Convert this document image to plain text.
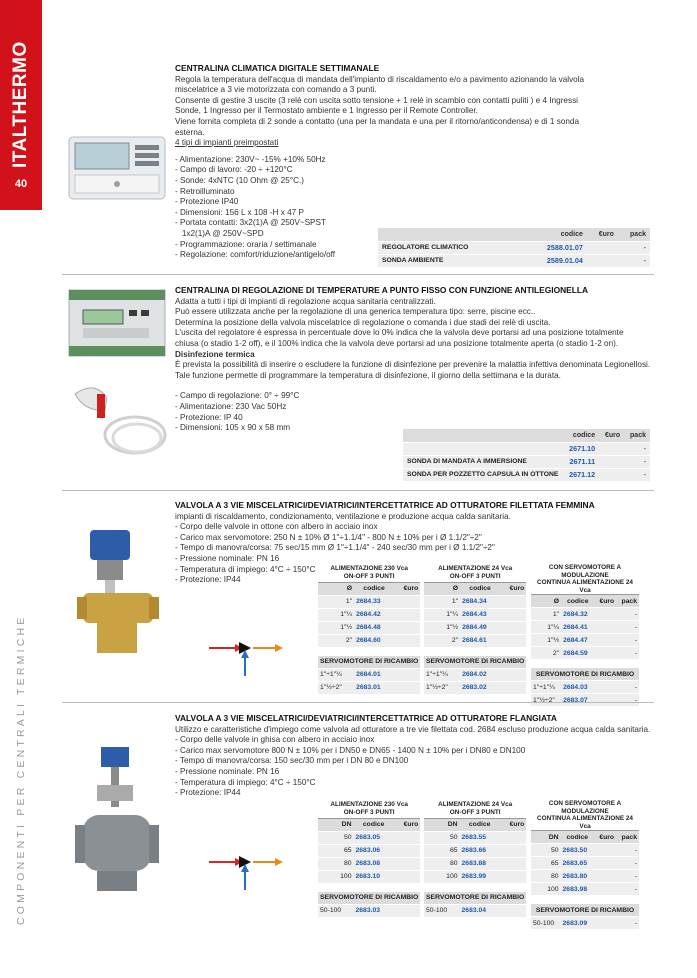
ITALTHERMO
40
COMPONENTI PER CENTRALI TERMICHE
CENTRALINA CLIMATICA DIGITALE SETTIMANALE

Regola la temperatura dell'acqua di mandata dell'impianto di riscaldamento e/o a pavimento azionando la valvola

miscelatrice a 3 vie motorizzata con comando a 3 punti.

Consente di gestire 3 uscite (3 relè con uscita sotto tensione + 1 relè in scambio con contatti puliti ) e 4 Ingressi

Sonde, 1 Ingresso per il Termostato ambiente e 1 Ingresso per il Remote Controller.

Viene fornita completa di 2 sonde a contatto (una per la mandata e una per il ritorno/anticondensa) e di 1 sonda

esterna.

4 tipi di impianti preimpostati

- Alimentazione: 230V~ -15% +10% 50Hz

- Campo di lavoro: -20 ÷ +120°C

- Sonde: 4xNTC (10 Ohm @ 25°C.)

- Retroilluminato

- Protezione IP40

- Dimensioni: 156 L x 108 -H x 47 P

- Portata contatti: 3x2(1)A @ 250V~SPST

1x2(1)A @ 250V~SPD

- Programmazione: oraria / settimanale

- Regolazione: comfort/riduzione/antigelo/off

	codice	€uro	pack
REGOLATORE CLIMATICO	2588.01.07		-
SONDA AMBIENTE	2589.01.04		-
CENTRALINA DI REGOLAZIONE DI TEMPERATURE A PUNTO FISSO CON FUNZIONE ANTILEGIONELLA

Adatta a tutti i tipi di impianti di regolazione acqua sanitaria centralizzati.

Può essere utilizzata anche per la regolazione di una generica temperatura tipo: serre, piscine ecc..

Determina la posizione della valvola miscelatrice di regolazione o comanda i due stadi dei relè di uscita.

L'uscita del regolatore è espressa in percentuale dove lo 0% indica che la valvola deve portarsi ad una posizione totalmente

chiusa (o stadio 1-2 off), e il 100% indica che la valvola deve portarsi ad una posizione totalmente aperta (o stadio 1-2 on).

Disinfezione termica

È prevista la possibilità di inserire o escludere la funzione di disinfezione per prevenire la malattia infettiva denominata Legionellosi.

Tale funzione permette di programmare la temperatura di disinfezione, il giorno della settimana e la durata.

- Campo di regolazione: 0° ÷ 99°C

- Alimentazione: 230 Vac 50Hz

- Protezione: IP 40

- Dimensioni: 105 x 90 x 58 mm

	codice	€uro	pack
	2671.10		-
SONDA DI MANDATA A IMMERSIONE	2671.11		-
SONDA PER POZZETTO CAPSULA IN OTTONE	2671.12		-
VALVOLA A 3 VIE MISCELATRICI/DEVIATRICI/INTERCETTATRICE AD OTTURATORE FILETTATA FEMMINA

impianti di riscaldamento, condizionamento, ventilazione e produzione acqua calda sanitaria.

- Corpo delle valvole in ottone con albero in acciaio inox

- Carico max servomotore: 250 N ± 10% Ø 1"÷1.1/4" - 800 N ± 10% per i Ø 1.1/2"÷2"

- Tempo di manovra/corsa: 75 sec/15 mm Ø 1"÷1.1/4" - 240 sec/30 mm per i Ø 1.1/2"÷2"

- Pressione nominale: PN 16

- Temperatura di impiego: 4°C ÷ 150°C

- Protezione: IP44

ALIMENTAZIONE 230 Vca
ON-OFF 3 PUNTI		
Ø	codice	€uro
1"	2684.33	
1"¼	2684.42	
1"½	2684.48	
2"	2684.60	

SERVOMOTORE DI RICAMBIO		
1"÷1"¼	2684.01	
1"½÷2"	2683.01	
ALIMENTAZIONE 24 Vca
ON-OFF 3 PUNTI		
Ø	codice	€uro
1"	2684.34	
1"¼	2684.43	
1"½	2684.49	
2"	2684.61	

SERVOMOTORE DI RICAMBIO		
1"÷1"¼	2684.02	
1"½÷2"	2683.02	
CON SERVOMOTORE A MODULAZIONE
CONTINUA ALIMENTAZIONE 24 Vca			
Ø	codice	€uro	pack
1"	2684.32		-
1"¼	2684.41		-
1"½	2684.47		-
2"	2684.59		-

SERVOMOTORE DI RICAMBIO			
1"÷1"¼	2684.03		-
1"½÷2"	2683.07		-
VALVOLA A 3 VIE MISCELATRICI/DEVIATRICI/INTERCETTATRICE AD OTTURATORE FLANGIATA

Utilizzo e caratteristiche d'impiego come valvola ad otturatore a tre vie filettata cod. 2684 escluso produzione acqua calda sanitaria.

- Corpo delle valvole in ghisa con albero in acciaio inox

- Carico max servomotore 800 N ± 10% per i DN50 e DN65 - 1400 N ± 10% per i DN80 e DN100

- Tempo di manovra/corsa: 150 sec/30 mm per i DN 80 e DN100

- Pressione nominale: PN 16

- Temperatura di impiego: 4°C ÷ 150°C

- Protezione: IP44

ALIMENTAZIONE 230 Vca
ON-OFF 3 PUNTI		
DN	codice	€uro
50	2683.05	
65	2683.06	
80	2683.08	
100	2683.10	

SERVOMOTORE DI RICAMBIO		
50-100	2683.03	
ALIMENTAZIONE 24 Vca
ON-OFF 3 PUNTI		
DN	codice	€uro
50	2683.55	
65	2683.66	
80	2683.88	
100	2683.99	

SERVOMOTORE DI RICAMBIO		
50-100	2683.04	
CON SERVOMOTORE A MODULAZIONE
CONTINUA ALIMENTAZIONE 24 Vca			
DN	codice	€uro	pack
50	2683.50		-
65	2683.65		-
80	2683.80		-
100	2683.98		-

SERVOMOTORE DI RICAMBIO			
50-100	2683.09		-
